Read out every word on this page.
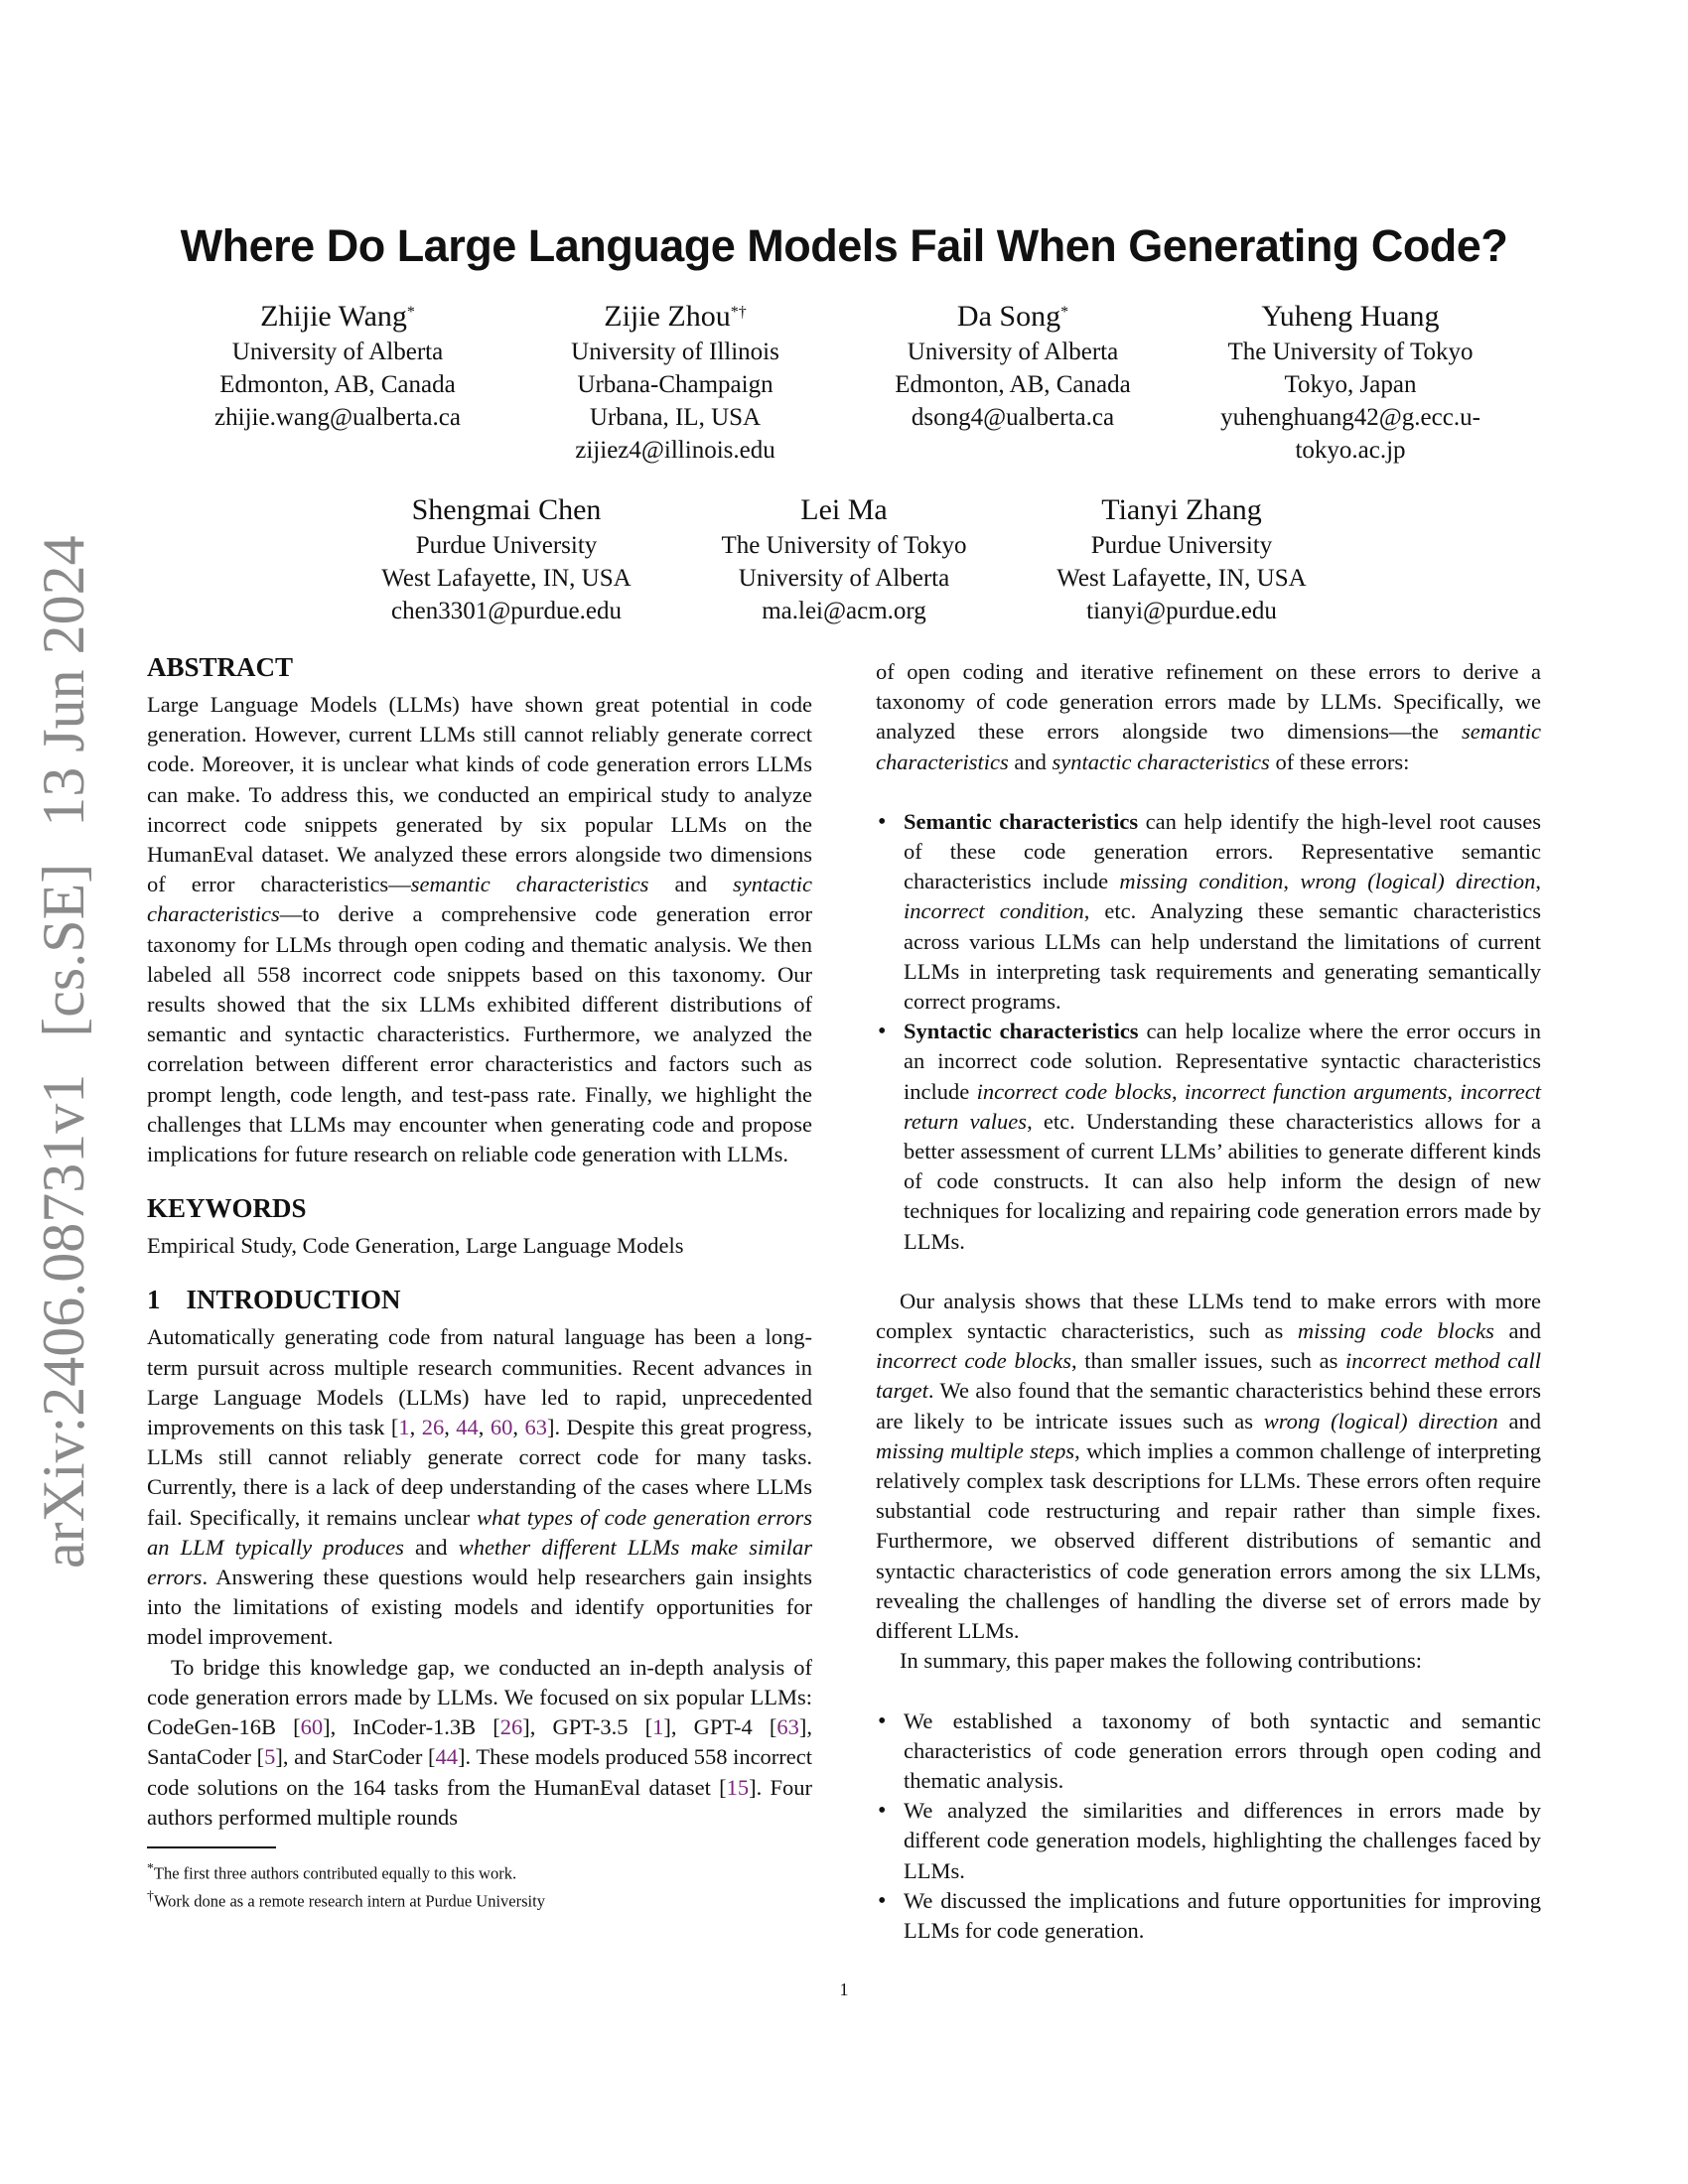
arXiv:2406.08731v1 [cs.SE] 13 Jun 2024
Where Do Large Language Models Fail When Generating Code?
Zhijie Wang*
University of Alberta
Edmonton, AB, Canada
zhijie.wang@ualberta.ca
Zijie Zhou*†
University of Illinois
Urbana-Champaign
Urbana, IL, USA
zijiez4@illinois.edu
Da Song*
University of Alberta
Edmonton, AB, Canada
dsong4@ualberta.ca
Yuheng Huang
The University of Tokyo
Tokyo, Japan
yuhenghuang42@g.ecc.u-
tokyo.ac.jp
Shengmai Chen
Purdue University
West Lafayette, IN, USA
chen3301@purdue.edu
Lei Ma
The University of Tokyo
University of Alberta
ma.lei@acm.org
Tianyi Zhang
Purdue University
West Lafayette, IN, USA
tianyi@purdue.edu
ABSTRACT

Large Language Models (LLMs) have shown great potential in code generation. However, current LLMs still cannot reliably generate correct code. Moreover, it is unclear what kinds of code generation errors LLMs can make. To address this, we conducted an empirical study to analyze incorrect code snippets generated by six popular LLMs on the HumanEval dataset. We analyzed these errors alongside two dimensions of error characteristics—semantic characteristics and syntactic characteristics—to derive a comprehensive code generation error taxonomy for LLMs through open coding and thematic analysis. We then labeled all 558 incorrect code snippets based on this taxonomy. Our results showed that the six LLMs exhibited different distributions of semantic and syntactic characteristics. Furthermore, we analyzed the correlation between different error characteristics and factors such as prompt length, code length, and test-pass rate. Finally, we highlight the challenges that LLMs may encounter when generating code and propose implications for future research on reliable code generation with LLMs.

KEYWORDS

Empirical Study, Code Generation, Large Language Models

1 INTRODUCTION

Automatically generating code from natural language has been a long-term pursuit across multiple research communities. Recent advances in Large Language Models (LLMs) have led to rapid, unprecedented improvements on this task [1, 26, 44, 60, 63]. Despite this great progress, LLMs still cannot reliably generate correct code for many tasks. Currently, there is a lack of deep understanding of the cases where LLMs fail. Specifically, it remains unclear what types of code generation errors an LLM typically produces and whether different LLMs make similar errors. Answering these questions would help researchers gain insights into the limitations of existing models and identify opportunities for model improvement.

To bridge this knowledge gap, we conducted an in-depth analysis of code generation errors made by LLMs. We focused on six popular LLMs: CodeGen-16B [60], InCoder-1.3B [26], GPT-3.5 [1], GPT-4 [63], SantaCoder [5], and StarCoder [44]. These models produced 558 incorrect code solutions on the 164 tasks from the HumanEval dataset [15]. Four authors performed multiple rounds

*The first three authors contributed equally to this work.
†Work done as a remote research intern at Purdue University

of open coding and iterative refinement on these errors to derive a taxonomy of code generation errors made by LLMs. Specifically, we analyzed these errors alongside two dimensions—the semantic characteristics and syntactic characteristics of these errors:

• Semantic characteristics can help identify the high-level root causes of these code generation errors. Representative semantic characteristics include missing condition, wrong (logical) direction, incorrect condition, etc. Analyzing these semantic characteristics across various LLMs can help understand the limitations of current LLMs in interpreting task requirements and generating semantically correct programs.
• Syntactic characteristics can help localize where the error occurs in an incorrect code solution. Representative syntactic characteristics include incorrect code blocks, incorrect function arguments, incorrect return values, etc. Understanding these characteristics allows for a better assessment of current LLMs’ abilities to generate different kinds of code constructs. It can also help inform the design of new techniques for localizing and repairing code generation errors made by LLMs.

Our analysis shows that these LLMs tend to make errors with more complex syntactic characteristics, such as missing code blocks and incorrect code blocks, than smaller issues, such as incorrect method call target. We also found that the semantic characteristics behind these errors are likely to be intricate issues such as wrong (logical) direction and missing multiple steps, which implies a common challenge of interpreting relatively complex task descriptions for LLMs. These errors often require substantial code restructuring and repair rather than simple fixes. Furthermore, we observed different distributions of semantic and syntactic characteristics of code generation errors among the six LLMs, revealing the challenges of handling the diverse set of errors made by different LLMs.

In summary, this paper makes the following contributions:

• We established a taxonomy of both syntactic and semantic characteristics of code generation errors through open coding and thematic analysis.
• We analyzed the similarities and differences in errors made by different code generation models, highlighting the challenges faced by LLMs.
• We discussed the implications and future opportunities for improving LLMs for code generation.
1
